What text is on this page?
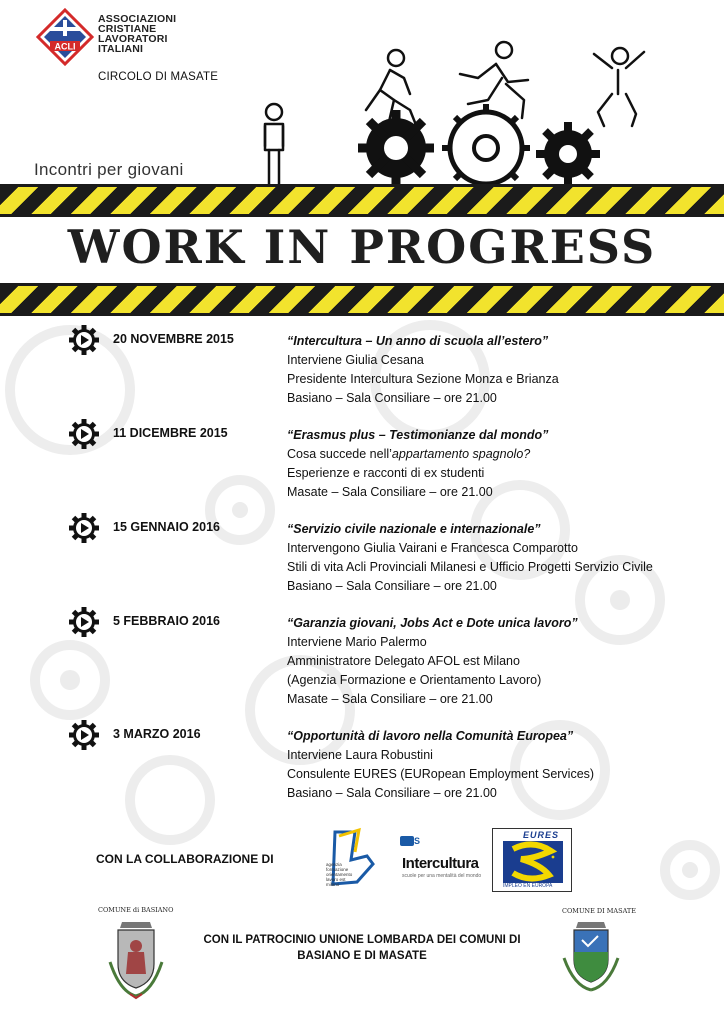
ACLI
ASSOCIAZIONI
CRISTIANE
LAVORATORI
ITALIANI
CIRCOLO DI MASATE
Incontri per giovani
WORK IN PROGRESS
20 NOVEMBRE 2015	“Intercultura – Un anno di scuola all’estero”
Interviene Giulia Cesana
Presidente Intercultura Sezione Monza e Brianza
Basiano – Sala Consiliare – ore 21.00
11 DICEMBRE 2015	“Erasmus plus – Testimonianze dal mondo”
Cosa succede nell’appartamento spagnolo?
Esperienze e racconti di ex studenti
Masate – Sala Consiliare – ore 21.00
15 GENNAIO 2016	“Servizio civile nazionale e internazionale”
Intervengono Giulia Vairani e Francesca Comparotto
Stili di vita Acli Provinciali Milanesi e Ufficio Progetti Servizio Civile
Basiano – Sala Consiliare – ore 21.00
5 FEBBRAIO 2016	“Garanzia giovani, Jobs Act e Dote unica lavoro”
Interviene Mario Palermo
Amministratore Delegato AFOL est Milano
(Agenzia Formazione e Orientamento Lavoro)
Masate – Sala Consiliare – ore 21.00
3 MARZO 2016	“Opportunità di lavoro nella Comunità Europea”
Interviene Laura Robustini
Consulente EURES (EURopean Employment Services)
Basiano – Sala Consiliare – ore 21.00
CON LA COLLABORAZIONE DI	agenzia formazione orientamento lavoro est milano
AFS
Intercultura
scuole per una mentalità del mondo
EURES
IMPLEO EN EUROPA
COMUNE di BASIANO
CON IL PATROCINIO UNIONE LOMBARDA DEI COMUNI DI
BASIANO E DI MASATE
COMUNE DI MASATE
